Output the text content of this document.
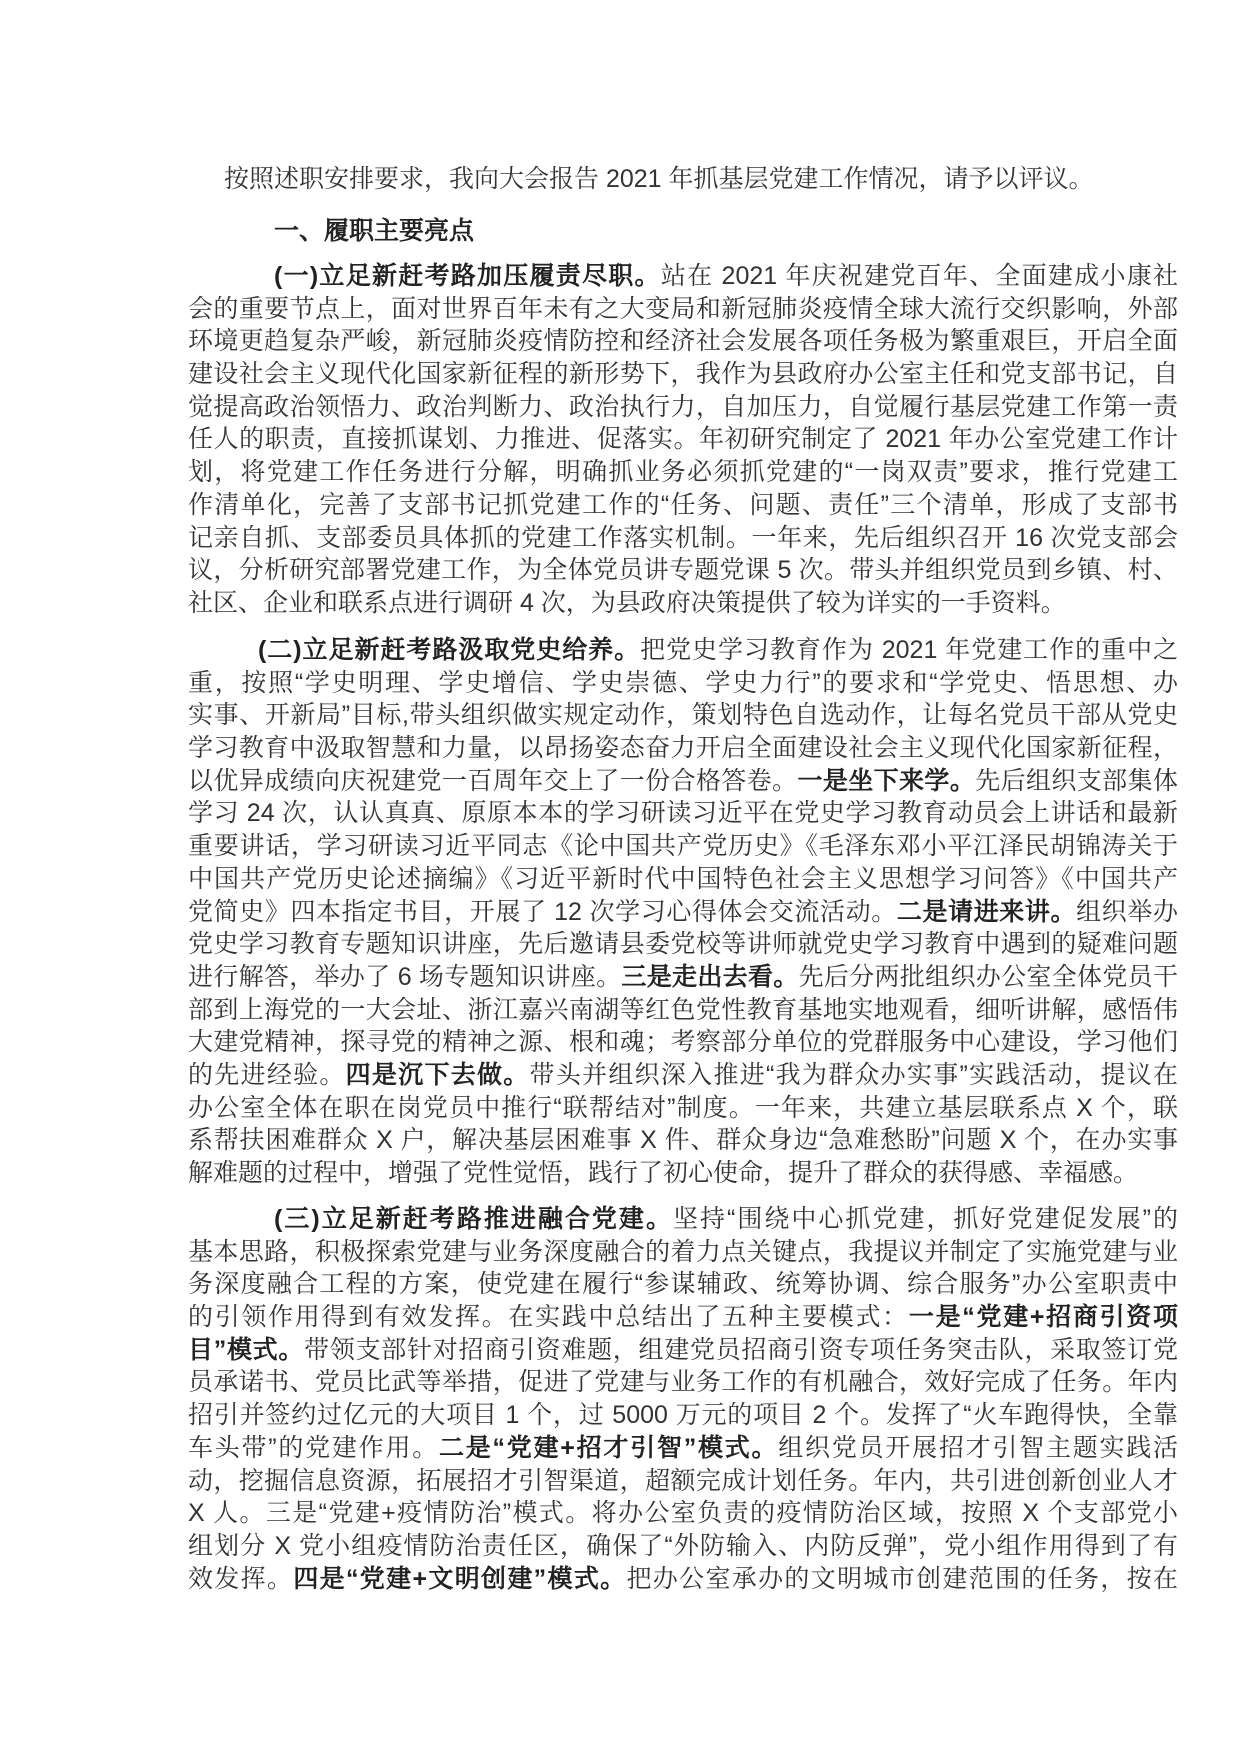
按照述职安排要求，我向大会报告 2021 年抓基层党建工作情况，请予以评议。
一、履职主要亮点
(一)立足新赶考路加压履责尽职。站在 2021 年庆祝建党百年、全面建成小康社
会的重要节点上，面对世界百年未有之大变局和新冠肺炎疫情全球大流行交织影响，外部
环境更趋复杂严峻，新冠肺炎疫情防控和经济社会发展各项任务极为繁重艰巨，开启全面
建设社会主义现代化国家新征程的新形势下，我作为县政府办公室主任和党支部书记，自
觉提高政治领悟力、政治判断力、政治执行力，自加压力，自觉履行基层党建工作第一责
任人的职责，直接抓谋划、力推进、促落实。年初研究制定了 2021 年办公室党建工作计
划，将党建工作任务进行分解，明确抓业务必须抓党建的“一岗双责”要求，推行党建工
作清单化，完善了支部书记抓党建工作的“任务、问题、责任”三个清单，形成了支部书
记亲自抓、支部委员具体抓的党建工作落实机制。一年来，先后组织召开 16 次党支部会
议，分析研究部署党建工作，为全体党员讲专题党课 5 次。带头并组织党员到乡镇、村、
社区、企业和联系点进行调研 4 次，为县政府决策提供了较为详实的一手资料。
(二)立足新赶考路汲取党史给养。把党史学习教育作为 2021 年党建工作的重中之
重，按照“学史明理、学史增信、学史崇德、学史力行”的要求和“学党史、悟思想、办
实事、开新局”目标,带头组织做实规定动作，策划特色自选动作，让每名党员干部从党史
学习教育中汲取智慧和力量，以昂扬姿态奋力开启全面建设社会主义现代化国家新征程，
以优异成绩向庆祝建党一百周年交上了一份合格答卷。一是坐下来学。先后组织支部集体
学习 24 次，认认真真、原原本本的学习研读习近平在党史学习教育动员会上讲话和最新
重要讲话，学习研读习近平同志《论中国共产党历史》《毛泽东邓小平江泽民胡锦涛关于
中国共产党历史论述摘编》《习近平新时代中国特色社会主义思想学习问答》《中国共产
党简史》四本指定书目，开展了 12 次学习心得体会交流活动。二是请进来讲。组织举办
党史学习教育专题知识讲座，先后邀请县委党校等讲师就党史学习教育中遇到的疑难问题
进行解答，举办了 6 场专题知识讲座。三是走出去看。先后分两批组织办公室全体党员干
部到上海党的一大会址、浙江嘉兴南湖等红色党性教育基地实地观看，细听讲解，感悟伟
大建党精神，探寻党的精神之源、根和魂；考察部分单位的党群服务中心建设，学习他们
的先进经验。四是沉下去做。带头并组织深入推进“我为群众办实事”实践活动，提议在
办公室全体在职在岗党员中推行“联帮结对”制度。一年来，共建立基层联系点 X 个，联
系帮扶困难群众 X 户，解决基层困难事 X 件、群众身边“急难愁盼”问题 X 个，在办实事
解难题的过程中，增强了党性觉悟，践行了初心使命，提升了群众的获得感、幸福感。
(三)立足新赶考路推进融合党建。坚持“围绕中心抓党建，抓好党建促发展”的
基本思路，积极探索党建与业务深度融合的着力点关键点，我提议并制定了实施党建与业
务深度融合工程的方案，使党建在履行“参谋辅政、统筹协调、综合服务”办公室职责中
的引领作用得到有效发挥。在实践中总结出了五种主要模式：一是“党建+招商引资项
目”模式。带领支部针对招商引资难题，组建党员招商引资专项任务突击队，采取签订党
员承诺书、党员比武等举措，促进了党建与业务工作的有机融合，效好完成了任务。年内
招引并签约过亿元的大项目 1 个，过 5000 万元的项目 2 个。发挥了“火车跑得快，全靠
车头带”的党建作用。二是“党建+招才引智”模式。组织党员开展招才引智主题实践活
动，挖掘信息资源，拓展招才引智渠道，超额完成计划任务。年内，共引进创新创业人才
X 人。三是“党建+疫情防治”模式。将办公室负责的疫情防治区域，按照 X 个支部党小
组划分 X 党小组疫情防治责任区，确保了“外防输入、内防反弹”，党小组作用得到了有
效发挥。四是“党建+文明创建”模式。把办公室承办的文明城市创建范围的任务，按在
